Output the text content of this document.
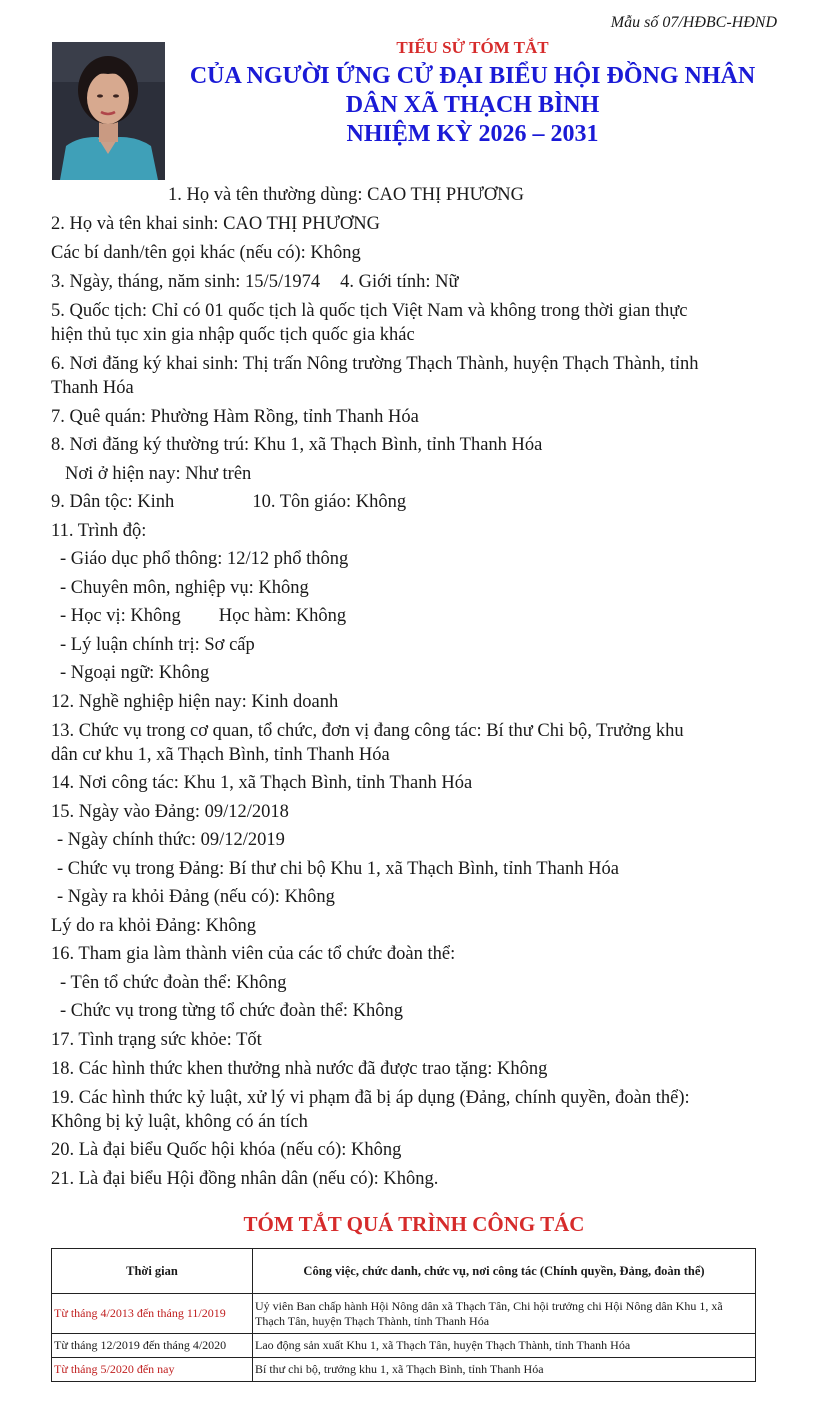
Mẫu số 07/HĐBC-HĐND
TIỂU SỬ TÓM TẮT
CỦA NGƯỜI ỨNG CỬ ĐẠI BIỂU HỘI ĐỒNG NHÂN
DÂN XÃ THẠCH BÌNH
NHIỆM KỲ 2026 – 2031
1. Họ và tên thường dùng: CAO THỊ PHƯƠNG
2. Họ và tên khai sinh: CAO THỊ PHƯƠNG
Các bí danh/tên gọi khác (nếu có): Không
3. Ngày, tháng, năm sinh: 15/5/1974 4. Giới tính: Nữ
5. Quốc tịch: Chỉ có 01 quốc tịch là quốc tịch Việt Nam và không trong thời gian thực
hiện thủ tục xin gia nhập quốc tịch quốc gia khác
6. Nơi đăng ký khai sinh: Thị trấn Nông trường Thạch Thành, huyện Thạch Thành, tỉnh
Thanh Hóa
7. Quê quán: Phường Hàm Rồng, tỉnh Thanh Hóa
8. Nơi đăng ký thường trú: Khu 1, xã Thạch Bình, tỉnh Thanh Hóa
Nơi ở hiện nay: Như trên
9. Dân tộc: Kinh	10. Tôn giáo: Không
11. Trình độ:
- Giáo dục phổ thông: 12/12 phổ thông
- Chuyên môn, nghiệp vụ: Không
- Học vị: Không Học hàm: Không
- Lý luận chính trị: Sơ cấp
- Ngoại ngữ: Không
12. Nghề nghiệp hiện nay: Kinh doanh
13. Chức vụ trong cơ quan, tổ chức, đơn vị đang công tác: Bí thư Chi bộ, Trưởng khu
dân cư khu 1, xã Thạch Bình, tỉnh Thanh Hóa
14. Nơi công tác: Khu 1, xã Thạch Bình, tỉnh Thanh Hóa
15. Ngày vào Đảng: 09/12/2018
- Ngày chính thức: 09/12/2019
- Chức vụ trong Đảng: Bí thư chi bộ Khu 1, xã Thạch Bình, tỉnh Thanh Hóa
- Ngày ra khỏi Đảng (nếu có): Không
Lý do ra khỏi Đảng: Không
16. Tham gia làm thành viên của các tổ chức đoàn thể:
- Tên tổ chức đoàn thể: Không
- Chức vụ trong từng tổ chức đoàn thể: Không
17. Tình trạng sức khỏe: Tốt
18. Các hình thức khen thưởng nhà nước đã được trao tặng: Không
19. Các hình thức kỷ luật, xử lý vi phạm đã bị áp dụng (Đảng, chính quyền, đoàn thể):
Không bị kỷ luật, không có án tích
20. Là đại biểu Quốc hội khóa (nếu có): Không
21. Là đại biểu Hội đồng nhân dân (nếu có): Không.
TÓM TẮT QUÁ TRÌNH CÔNG TÁC
Thời gian	Công việc, chức danh, chức vụ, nơi công tác (Chính quyền, Đảng, đoàn thể)
Từ tháng 4/2013 đến tháng 11/2019	Uỷ viên Ban chấp hành Hội Nông dân xã Thạch Tân, Chi hội trưởng chi Hội Nông dân Khu 1, xã Thạch Tân, huyện Thạch Thành, tỉnh Thanh Hóa
Từ tháng 12/2019 đến tháng 4/2020	Lao động sản xuất Khu 1, xã Thạch Tân, huyện Thạch Thành, tỉnh Thanh Hóa
Từ tháng 5/2020 đến nay	Bí thư chi bộ, trưởng khu 1, xã Thạch Bình, tỉnh Thanh Hóa
